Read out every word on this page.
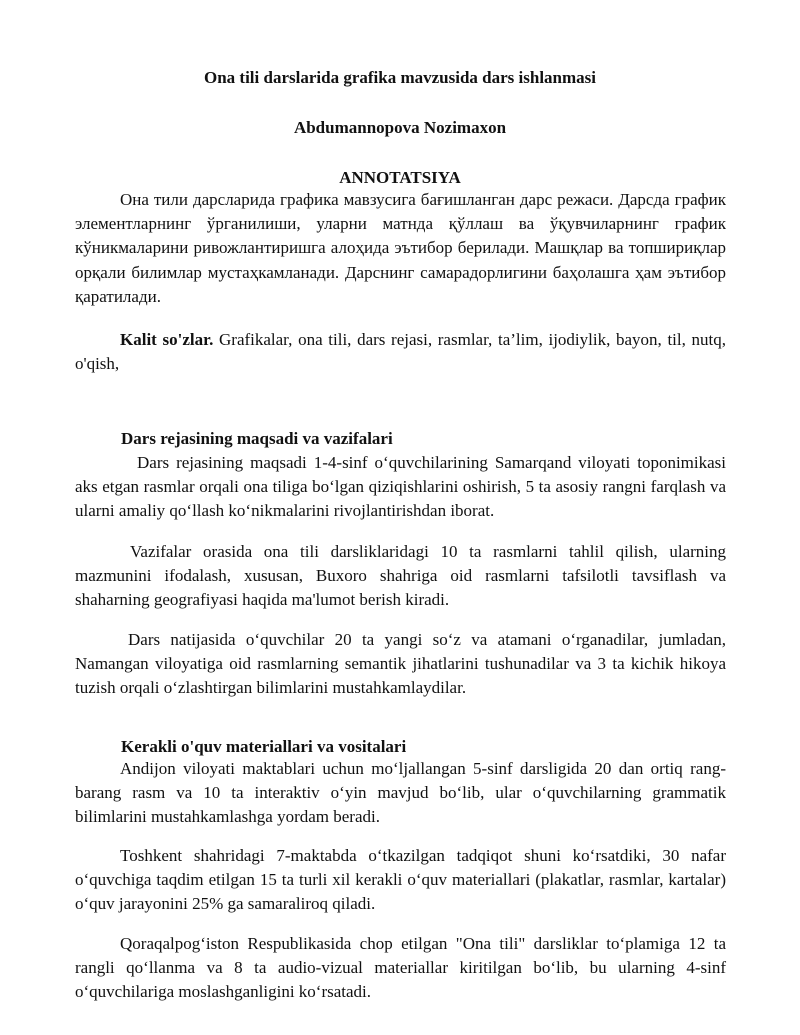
Ona tili darslarida grafika mavzusida dars ishlanmasi

Abdumannopova Nozimaxon

ANNOTATSIYA

Она тили дарсларида графика мавзусига бағишланган дарс режаси. Дарсда график элементларнинг ўрганилиши, уларни матнда қўллаш ва ўқувчиларнинг график кўникмаларини ривожлантиришга алоҳида эътибор берилади. Машқлар ва топшириқлар орқали билимлар мустаҳкамланади. Дарснинг самарадорлигини баҳолашга ҳам эътибор қаратилади.

Kalit so'zlar. Grafikalar, ona tili, dars rejasi, rasmlar, ta’lim, ijodiylik, bayon, til, nutq, o'qish,

Dars rejasining maqsadi va vazifalari

Dars rejasining maqsadi 1-4-sinf o‘quvchilarining Samarqand viloyati toponimikasi aks etgan rasmlar orqali ona tiliga bo‘lgan qiziqishlarini oshirish, 5 ta asosiy rangni farqlash va ularni amaliy qo‘llash ko‘nikmalarini rivojlantirishdan iborat.

Vazifalar orasida ona tili darsliklaridagi 10 ta rasmlarni tahlil qilish, ularning mazmunini ifodalash, xususan, Buxoro shahriga oid rasmlarni tafsilotli tavsiflash va shaharning geografiyasi haqida ma'lumot berish kiradi.

Dars natijasida o‘quvchilar 20 ta yangi so‘z va atamani o‘rganadilar, jumladan, Namangan viloyatiga oid rasmlarning semantik jihatlarini tushunadilar va 3 ta kichik hikoya tuzish orqali o‘zlashtirgan bilimlarini mustahkamlaydilar.

Kerakli o'quv materiallari va vositalari

Andijon viloyati maktablari uchun mo‘ljallangan 5-sinf darsligida 20 dan ortiq rang-barang rasm va 10 ta interaktiv o‘yin mavjud bo‘lib, ular o‘quvchilarning grammatik bilimlarini mustahkamlashga yordam beradi.

Toshkent shahridagi 7-maktabda o‘tkazilgan tadqiqot shuni ko‘rsatdiki, 30 nafar o‘quvchiga taqdim etilgan 15 ta turli xil kerakli o‘quv materiallari (plakatlar, rasmlar, kartalar) o‘quv jarayonini 25% ga samaraliroq qiladi.

Qoraqalpog‘iston Respublikasida chop etilgan "Ona tili" darsliklar to‘plamiga 12 ta rangli qo‘llanma va 8 ta audio-vizual materiallar kiritilgan bo‘lib, bu ularning 4-sinf o‘quvchilariga moslashganligini ko‘rsatadi.
